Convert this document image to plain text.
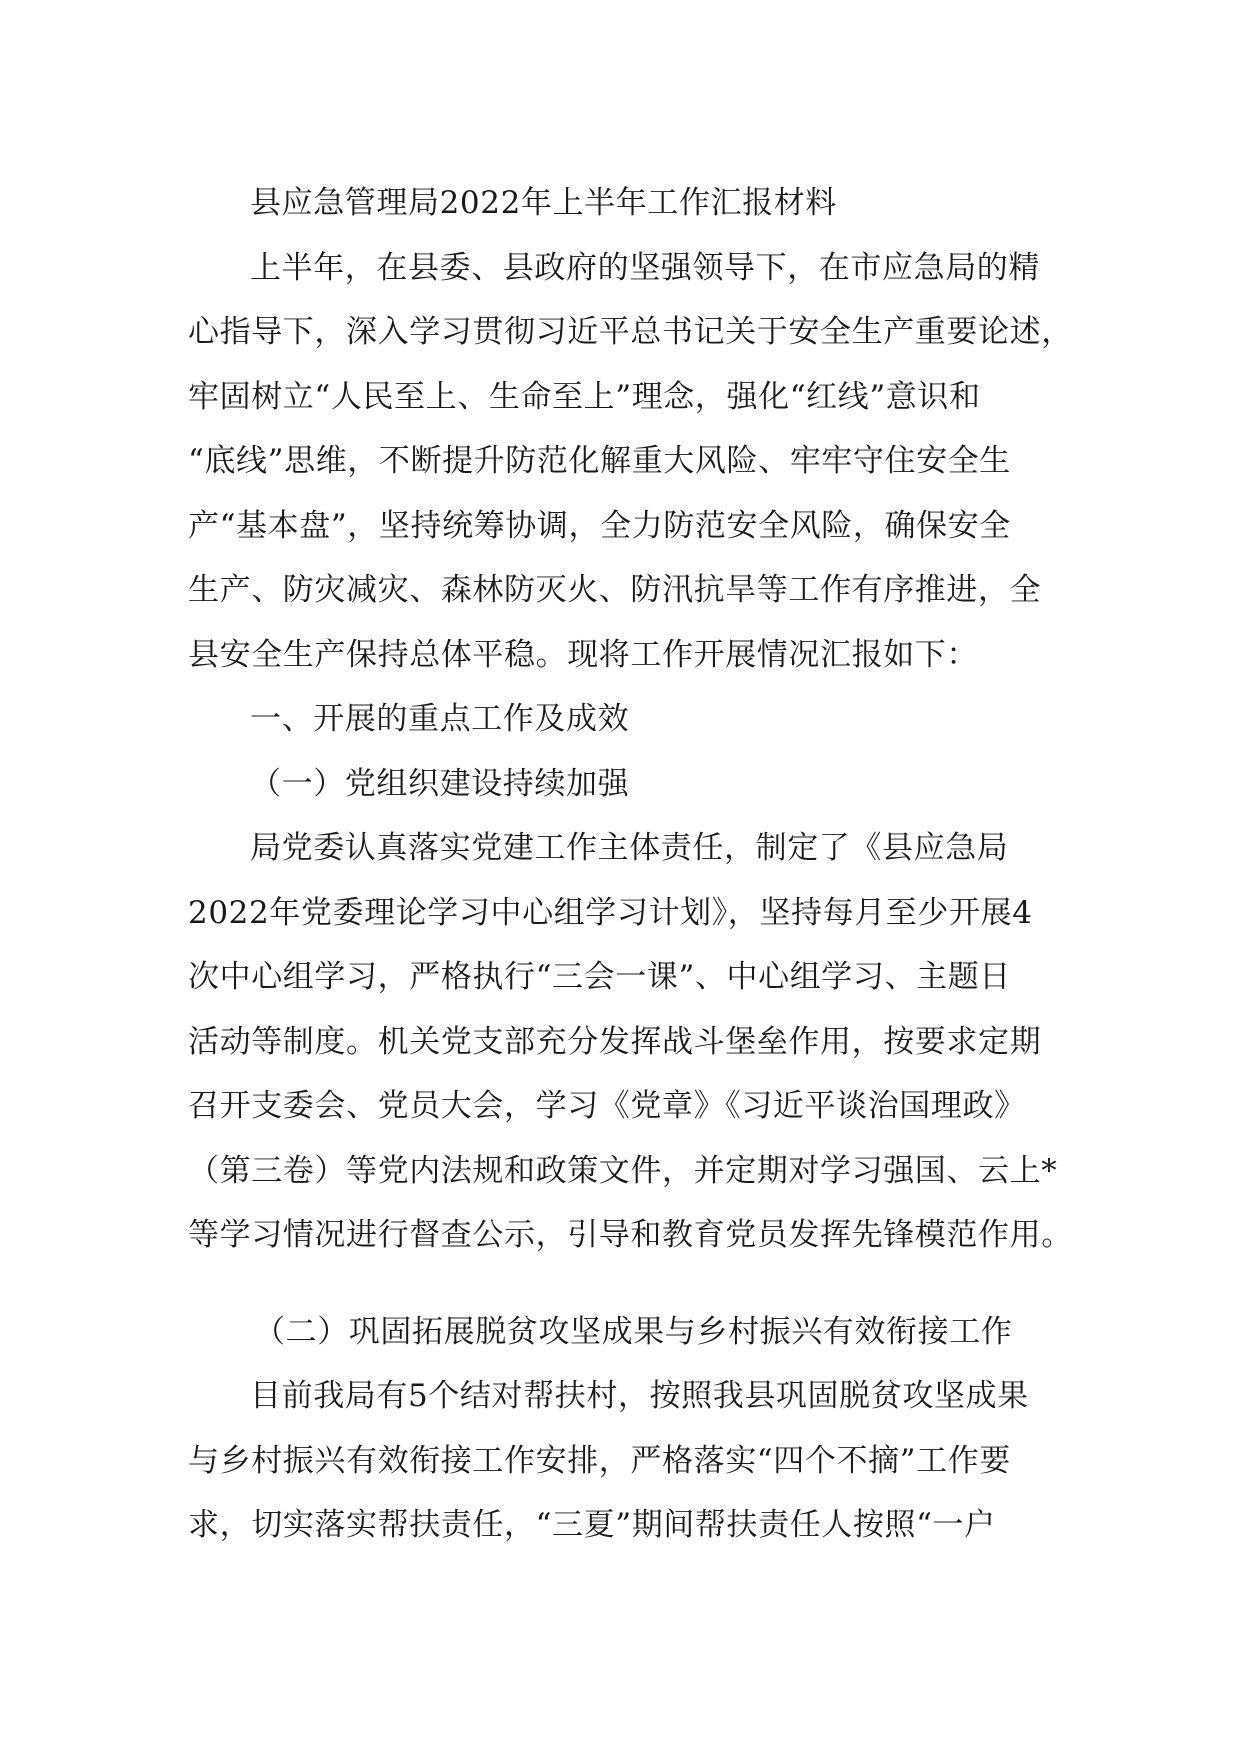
县应急管理局2022年上半年工作汇报材料
上半年，在县委、县政府的坚强领导下，在市应急局的精
心指导下，深入学习贯彻习近平总书记关于安全生产重要论述，
牢固树立“人民至上、生命至上”理念，强化“红线”意识和
“底线”思维，不断提升防范化解重大风险、牢牢守住安全生
产“基本盘”，坚持统筹协调，全力防范安全风险，确保安全
生产、防灾减灾、森林防灭火、防汛抗旱等工作有序推进，全
县安全生产保持总体平稳。现将工作开展情况汇报如下：
一、开展的重点工作及成效
（一）党组织建设持续加强
局党委认真落实党建工作主体责任，制定了《县应急局
2022年党委理论学习中心组学习计划》，坚持每月至少开展4
次中心组学习，严格执行“三会一课”、中心组学习、主题日
活动等制度。机关党支部充分发挥战斗堡垒作用，按要求定期
召开支委会、党员大会，学习《党章》《习近平谈治国理政》
（第三卷）等党内法规和政策文件，并定期对学习强国、云上*
等学习情况进行督查公示，引导和教育党员发挥先锋模范作用。
（二）巩固拓展脱贫攻坚成果与乡村振兴有效衔接工作
目前我局有5个结对帮扶村，按照我县巩固脱贫攻坚成果
与乡村振兴有效衔接工作安排，严格落实“四个不摘”工作要
求，切实落实帮扶责任，“三夏”期间帮扶责任人按照“一户
